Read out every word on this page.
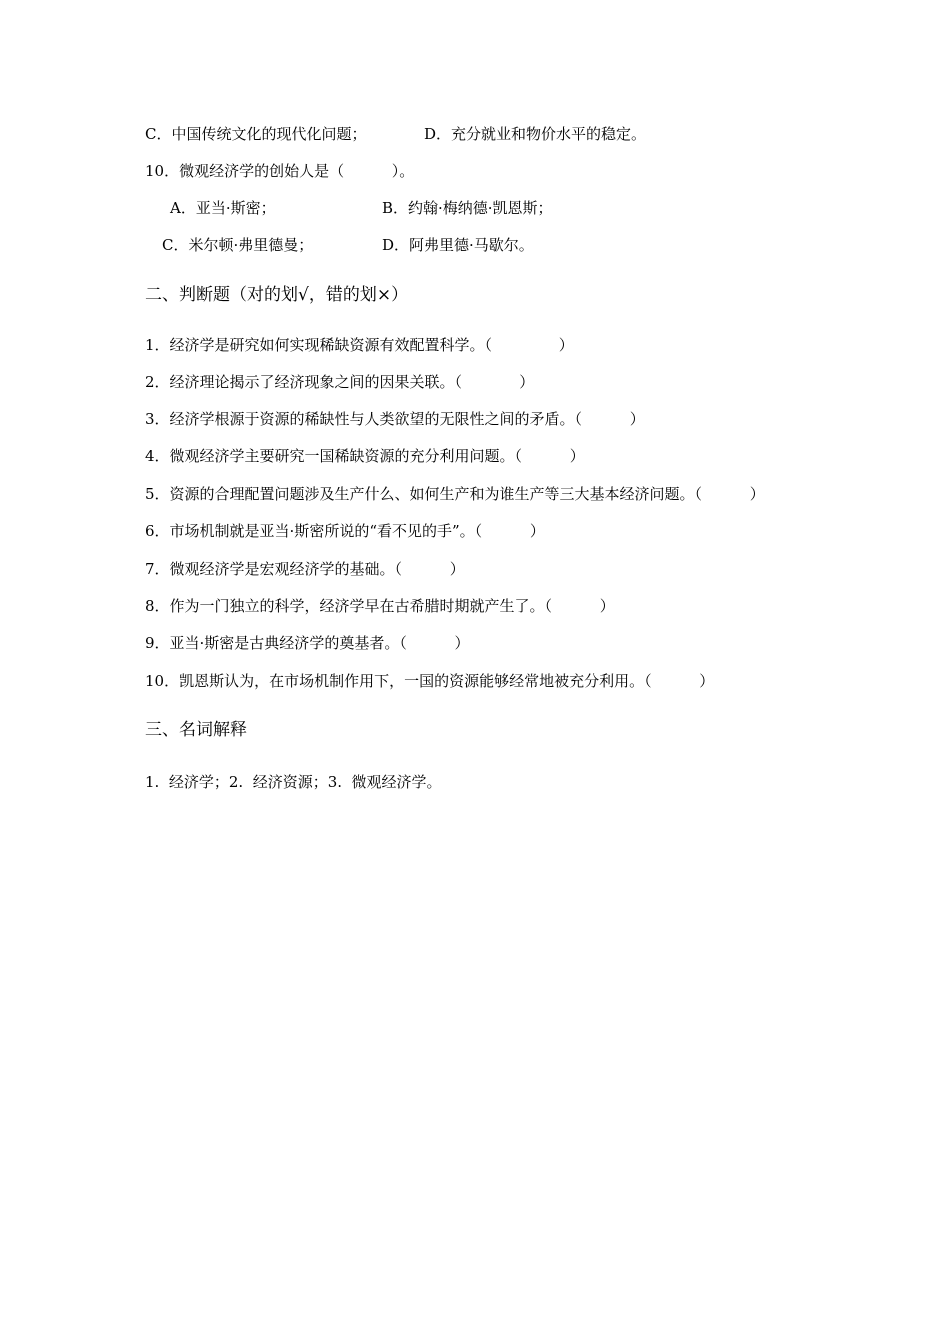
C．中国传统文化的现代化问题；	D．充分就业和物价水平的稳定。
10．微观经济学的创始人是（          ）。
A．亚当·斯密；	B．约翰·梅纳德·凯恩斯；
C．米尔顿·弗里德曼；	D．阿弗里德·马歇尔。
二、判断题（对的划√，错的划×）
1．经济学是研究如何实现稀缺资源有效配置科学。（              ）
2．经济理论揭示了经济现象之间的因果关联。（            ）
3．经济学根源于资源的稀缺性与人类欲望的无限性之间的矛盾。（          ）
4．微观经济学主要研究一国稀缺资源的充分利用问题。（          ）
5．资源的合理配置问题涉及生产什么、如何生产和为谁生产等三大基本经济问题。（          ）
6．市场机制就是亚当·斯密所说的“看不见的手”。（          ）
7．微观经济学是宏观经济学的基础。（          ）
8．作为一门独立的科学，经济学早在古希腊时期就产生了。（          ）
9．亚当·斯密是古典经济学的奠基者。（          ）
10．凯恩斯认为，在市场机制作用下，一国的资源能够经常地被充分利用。（          ）
三、名词解释
1.  经济学；2.  经济资源；3.  微观经济学。
